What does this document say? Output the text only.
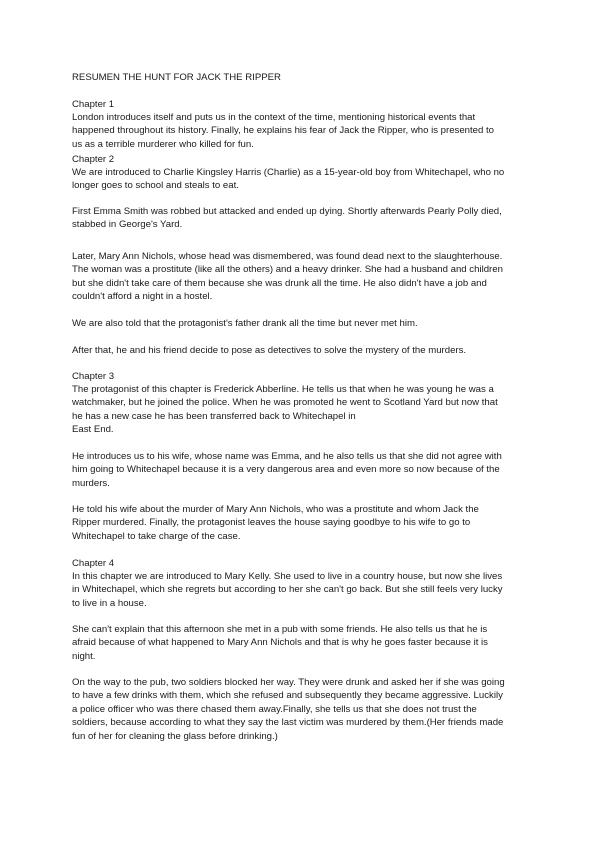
RESUMEN THE HUNT FOR JACK THE RIPPER
Chapter 1
London introduces itself and puts us in the context of the time, mentioning historical events that
happened throughout its history. Finally, he explains his fear of Jack the Ripper, who is presented to
us as a terrible murderer who killed for fun.
Chapter 2
We are introduced to Charlie Kingsley Harris (Charlie) as a 15-year-old boy from Whitechapel, who no
longer goes to school and steals to eat.
First Emma Smith was robbed but attacked and ended up dying. Shortly afterwards Pearly Polly died,
stabbed in George's Yard.
Later, Mary Ann Nichols, whose head was dismembered, was found dead next to the slaughterhouse.
The woman was a prostitute (like all the others) and a heavy drinker. She had a husband and children
but she didn't take care of them because she was drunk all the time. He also didn't have a job and
couldn't afford a night in a hostel.
We are also told that the protagonist's father drank all the time but never met him.
After that, he and his friend decide to pose as detectives to solve the mystery of the murders.
Chapter 3
The protagonist of this chapter is Frederick Abberline. He tells us that when he was young he was a
watchmaker, but he joined the police. When he was promoted he went to Scotland Yard but now that
he has a new case he has been transferred back to Whitechapel in
East End.
He introduces us to his wife, whose name was Emma, and he also tells us that she did not agree with
him going to Whitechapel because it is a very dangerous area and even more so now because of the
murders.
He told his wife about the murder of Mary Ann Nichols, who was a prostitute and whom Jack the
Ripper murdered. Finally, the protagonist leaves the house saying goodbye to his wife to go to
Whitechapel to take charge of the case.
Chapter 4
In this chapter we are introduced to Mary Kelly. She used to live in a country house, but now she lives
in Whitechapel, which she regrets but according to her she can't go back. But she still feels very lucky
to live in a house.
She can't explain that this afternoon she met in a pub with some friends. He also tells us that he is
afraid because of what happened to Mary Ann Nichols and that is why he goes faster because it is
night.
On the way to the pub, two soldiers blocked her way. They were drunk and asked her if she was going
to have a few drinks with them, which she refused and subsequently they became aggressive. Luckily
a police officer who was there chased them away.Finally, she tells us that she does not trust the
soldiers, because according to what they say the last victim was murdered by them.(Her friends made
fun of her for cleaning the glass before drinking.)
